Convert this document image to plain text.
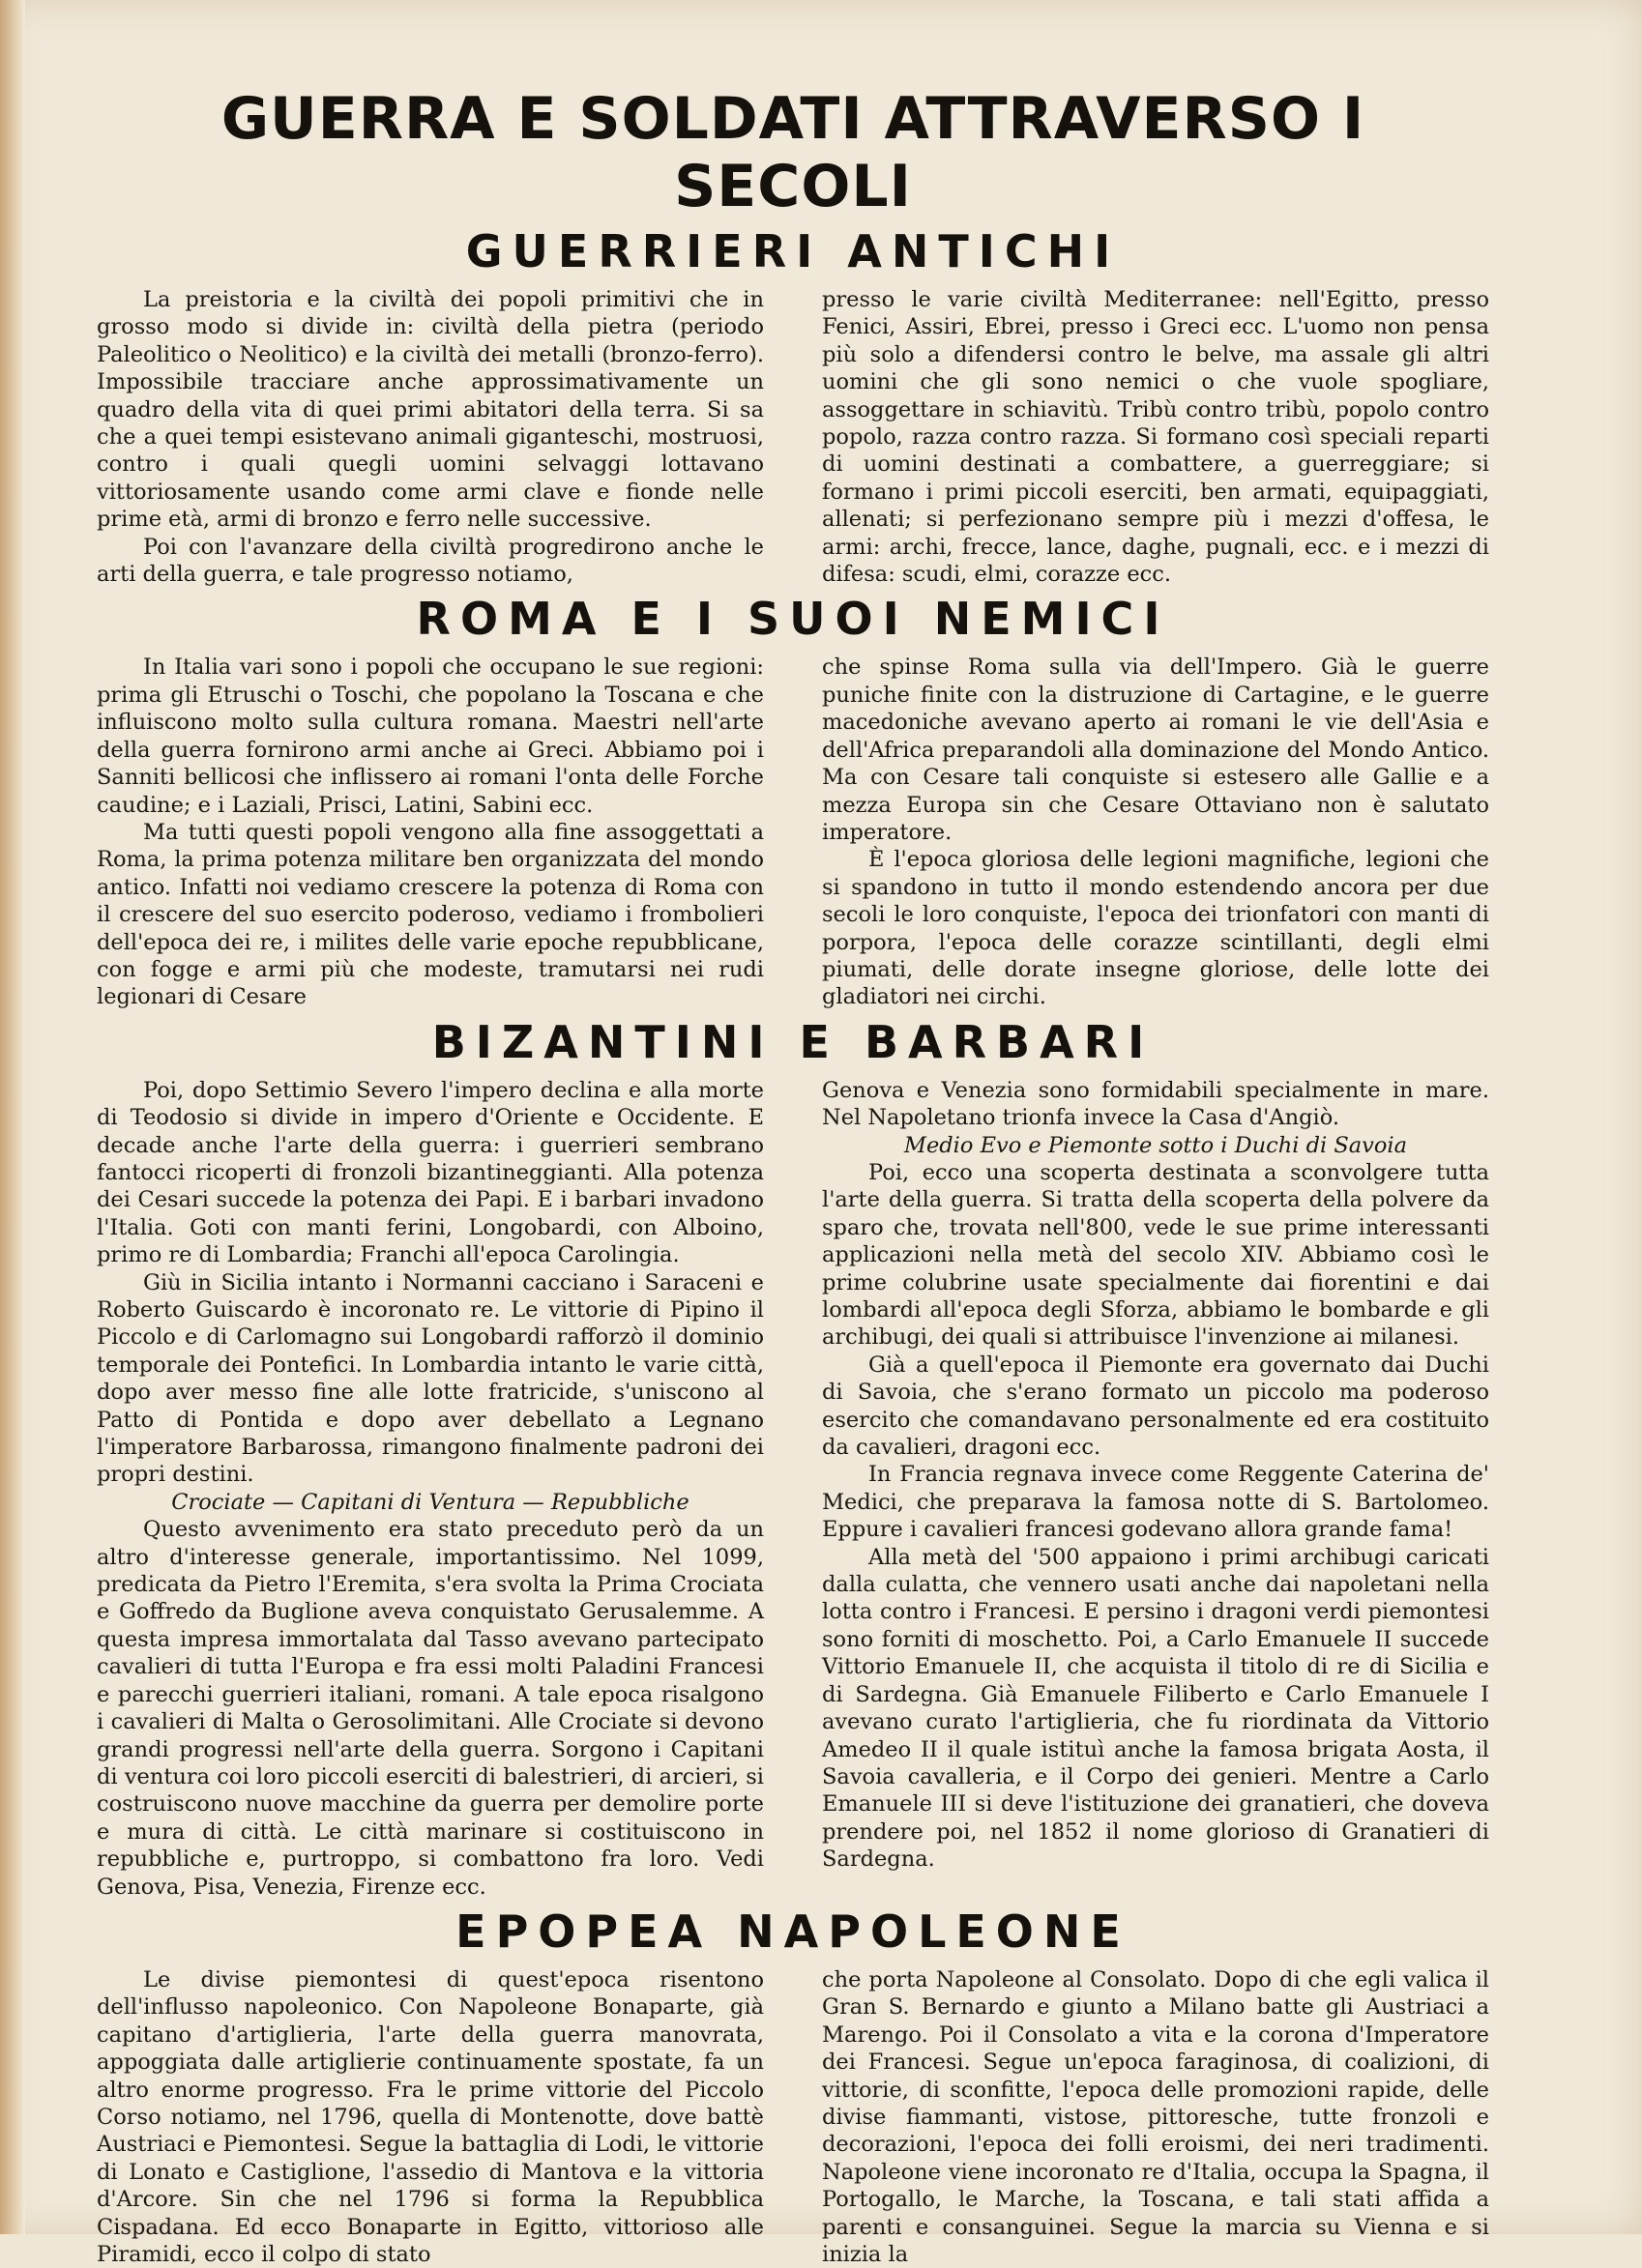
GUERRA E SOLDATI ATTRAVERSO I SECOLI
GUERRIERI ANTICHI

La preistoria e la civiltà dei popoli primitivi che in grosso modo si divide in: civiltà della pietra (periodo Paleolitico o Neolitico) e la civiltà dei metalli (bronzo-ferro). Impossibile tracciare anche approssimativamente un quadro della vita di quei primi abitatori della terra. Si sa che a quei tempi esistevano animali giganteschi, mostruosi, contro i quali quegli uomini selvaggi lottavano vittoriosamente usando come armi clave e fionde nelle prime età, armi di bronzo e ferro nelle successive.

Poi con l'avanzare della civiltà progredirono anche le arti della guerra, e tale progresso notiamo,

presso le varie civiltà Mediterranee: nell'Egitto, presso Fenici, Assiri, Ebrei, presso i Greci ecc. L'uomo non pensa più solo a difendersi contro le belve, ma assale gli altri uomini che gli sono nemici o che vuole spogliare, assoggettare in schiavitù. Tribù contro tribù, popolo contro popolo, razza contro razza. Si formano così speciali reparti di uomini destinati a combattere, a guerreggiare; si formano i primi piccoli eserciti, ben armati, equipaggiati, allenati; si perfezionano sempre più i mezzi d'offesa, le armi: archi, frecce, lance, daghe, pugnali, ecc. e i mezzi di difesa: scudi, elmi, corazze ecc.

ROMA E I SUOI NEMICI

In Italia vari sono i popoli che occupano le sue regioni: prima gli Etruschi o Toschi, che popolano la Toscana e che influiscono molto sulla cultura romana. Maestri nell'arte della guerra fornirono armi anche ai Greci. Abbiamo poi i Sanniti bellicosi che inflissero ai romani l'onta delle Forche caudine; e i Laziali, Prisci, Latini, Sabini ecc.

Ma tutti questi popoli vengono alla fine assoggettati a Roma, la prima potenza militare ben organizzata del mondo antico. Infatti noi vediamo crescere la potenza di Roma con il crescere del suo esercito poderoso, vediamo i frombolieri dell'epoca dei re, i milites delle varie epoche repubblicane, con fogge e armi più che modeste, tramutarsi nei rudi legionari di Cesare

che spinse Roma sulla via dell'Impero. Già le guerre puniche finite con la distruzione di Cartagine, e le guerre macedoniche avevano aperto ai romani le vie dell'Asia e dell'Africa preparandoli alla dominazione del Mondo Antico. Ma con Cesare tali conquiste si estesero alle Gallie e a mezza Europa sin che Cesare Ottaviano non è salutato imperatore.

È l'epoca gloriosa delle legioni magnifiche, legioni che si spandono in tutto il mondo estendendo ancora per due secoli le loro conquiste, l'epoca dei trionfatori con manti di porpora, l'epoca delle corazze scintillanti, degli elmi piumati, delle dorate insegne gloriose, delle lotte dei gladiatori nei circhi.

BIZANTINI E BARBARI

Poi, dopo Settimio Severo l'impero declina e alla morte di Teodosio si divide in impero d'Oriente e Occidente. E decade anche l'arte della guerra: i guerrieri sembrano fantocci ricoperti di fronzoli bizantineggianti. Alla potenza dei Cesari succede la potenza dei Papi. E i barbari invadono l'Italia. Goti con manti ferini, Longobardi, con Alboino, primo re di Lombardia; Franchi all'epoca Carolingia.

Giù in Sicilia intanto i Normanni cacciano i Saraceni e Roberto Guiscardo è incoronato re. Le vittorie di Pipino il Piccolo e di Carlomagno sui Longobardi rafforzò il dominio temporale dei Pontefici. In Lombardia intanto le varie città, dopo aver messo fine alle lotte fratricide, s'uniscono al Patto di Pontida e dopo aver debellato a Legnano l'imperatore Barbarossa, rimangono finalmente padroni dei propri destini.

Crociate — Capitani di Ventura — Repubbliche

Questo avvenimento era stato preceduto però da un altro d'interesse generale, importantissimo. Nel 1099, predicata da Pietro l'Eremita, s'era svolta la Prima Crociata e Goffredo da Buglione aveva conquistato Gerusalemme. A questa impresa immortalata dal Tasso avevano partecipato cavalieri di tutta l'Europa e fra essi molti Paladini Francesi e parecchi guerrieri italiani, romani. A tale epoca risalgono i cavalieri di Malta o Gerosolimitani. Alle Crociate si devono grandi progressi nell'arte della guerra. Sorgono i Capitani di ventura coi loro piccoli eserciti di balestrieri, di arcieri, si costruiscono nuove macchine da guerra per demolire porte e mura di città. Le città marinare si costituiscono in repubbliche e, purtroppo, si combattono fra loro. Vedi Genova, Pisa, Venezia, Firenze ecc.

Genova e Venezia sono formidabili specialmente in mare. Nel Napoletano trionfa invece la Casa d'Angiò.

Medio Evo e Piemonte sotto i Duchi di Savoia

Poi, ecco una scoperta destinata a sconvolgere tutta l'arte della guerra. Si tratta della scoperta della polvere da sparo che, trovata nell'800, vede le sue prime interessanti applicazioni nella metà del secolo XIV. Abbiamo così le prime colubrine usate specialmente dai fiorentini e dai lombardi all'epoca degli Sforza, abbiamo le bombarde e gli archibugi, dei quali si attribuisce l'invenzione ai milanesi.

Già a quell'epoca il Piemonte era governato dai Duchi di Savoia, che s'erano formato un piccolo ma poderoso esercito che comandavano personalmente ed era costituito da cavalieri, dragoni ecc.

In Francia regnava invece come Reggente Caterina de' Medici, che preparava la famosa notte di S. Bartolomeo. Eppure i cavalieri francesi godevano allora grande fama!

Alla metà del '500 appaiono i primi archibugi caricati dalla culatta, che vennero usati anche dai napoletani nella lotta contro i Francesi. E persino i dragoni verdi piemontesi sono forniti di moschetto. Poi, a Carlo Emanuele II succede Vittorio Emanuele II, che acquista il titolo di re di Sicilia e di Sardegna. Già Emanuele Filiberto e Carlo Emanuele I avevano curato l'artiglieria, che fu riordinata da Vittorio Amedeo II il quale istituì anche la famosa brigata Aosta, il Savoia cavalleria, e il Corpo dei genieri. Mentre a Carlo Emanuele III si deve l'istituzione dei granatieri, che doveva prendere poi, nel 1852 il nome glorioso di Granatieri di Sardegna.

EPOPEA NAPOLEONE

Le divise piemontesi di quest'epoca risentono dell'influsso napoleonico. Con Napoleone Bonaparte, già capitano d'artiglieria, l'arte della guerra manovrata, appoggiata dalle artiglierie continuamente spostate, fa un altro enorme progresso. Fra le prime vittorie del Piccolo Corso notiamo, nel 1796, quella di Montenotte, dove battè Austriaci e Piemontesi. Segue la battaglia di Lodi, le vittorie di Lonato e Castiglione, l'assedio di Mantova e la vittoria d'Arcore. Sin che nel 1796 si forma la Repubblica Cispadana. Ed ecco Bonaparte in Egitto, vittorioso alle Piramidi, ecco il colpo di stato

che porta Napoleone al Consolato. Dopo di che egli valica il Gran S. Bernardo e giunto a Milano batte gli Austriaci a Marengo. Poi il Consolato a vita e la corona d'Imperatore dei Francesi. Segue un'epoca faraginosa, di coalizioni, di vittorie, di sconfitte, l'epoca delle promozioni rapide, delle divise fiammanti, vistose, pittoresche, tutte fronzoli e decorazioni, l'epoca dei folli eroismi, dei neri tradimenti. Napoleone viene incoronato re d'Italia, occupa la Spagna, il Portogallo, le Marche, la Toscana, e tali stati affida a parenti e consanguinei. Segue la marcia su Vienna e si inizia la
